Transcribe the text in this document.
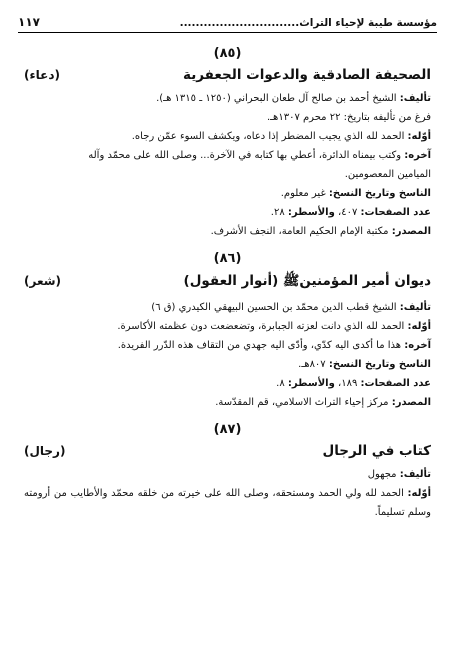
مؤسسة طيبة لإحياء التراث..............................
١١٧
(٨٥)
الصحيفة الصادقية والدعوات الجعفرية
(دعاء)

تأليف: الشيخ أحمد بن صالح آل طعان البحراني (١٢٥٠ ـ ١٣١٥ هـ).

فرغ من تأليفه بتاريخ: ٢٢ محرم ١٣٠٧هـ.

أوّله: الحمد لله الذي يجيب المضطر إذا دعاه، ويكشف السوء عمّن رجاه.

آخره: وكتب بيمناه الدائرة، أعطي بها كتابه في الآخرة... وصلى الله على محمّد وآله

الميامين المعصومين.

الناسخ وتاريخ النسخ: غير معلوم.

عدد الصفحات: ٤٠٧، والأسطر: ٢٨.

المصدر: مكتبة الإمام الحكيم العامة، النجف الأشرف.

(٨٦)
ديوان أمير المؤمنينﷺ (أنوار العقول)
(شعر)

تأليف: الشيخ قطب الدين محمّد بن الحسين البيهقي الكيدري (ق ٦)

أوّله: الحمد لله الذي دانت لعزته الجبابرة، وتضعضعت دون عظمته الأكاسرة.

آخره: هذا ما أكدى اليه كدّي، وأدّى اليه جهدي من التقاف هذه الدّرر الفريدة.

الناسخ وتاريخ النسخ: ٨٠٧هـ.

عدد الصفحات: ١٨٩، والأسطر: ٨.

المصدر: مركز إحياء التراث الاسلامي، قم المقدّسة.

(٨٧)
كتاب في الرجال
(رجال)

تأليف: مجهول

أوّله: الحمد لله ولي الحمد ومستحقه، وصلى الله على خيرته من خلقه محمّد والأطايب من أرومته وسلم تسليماً.
